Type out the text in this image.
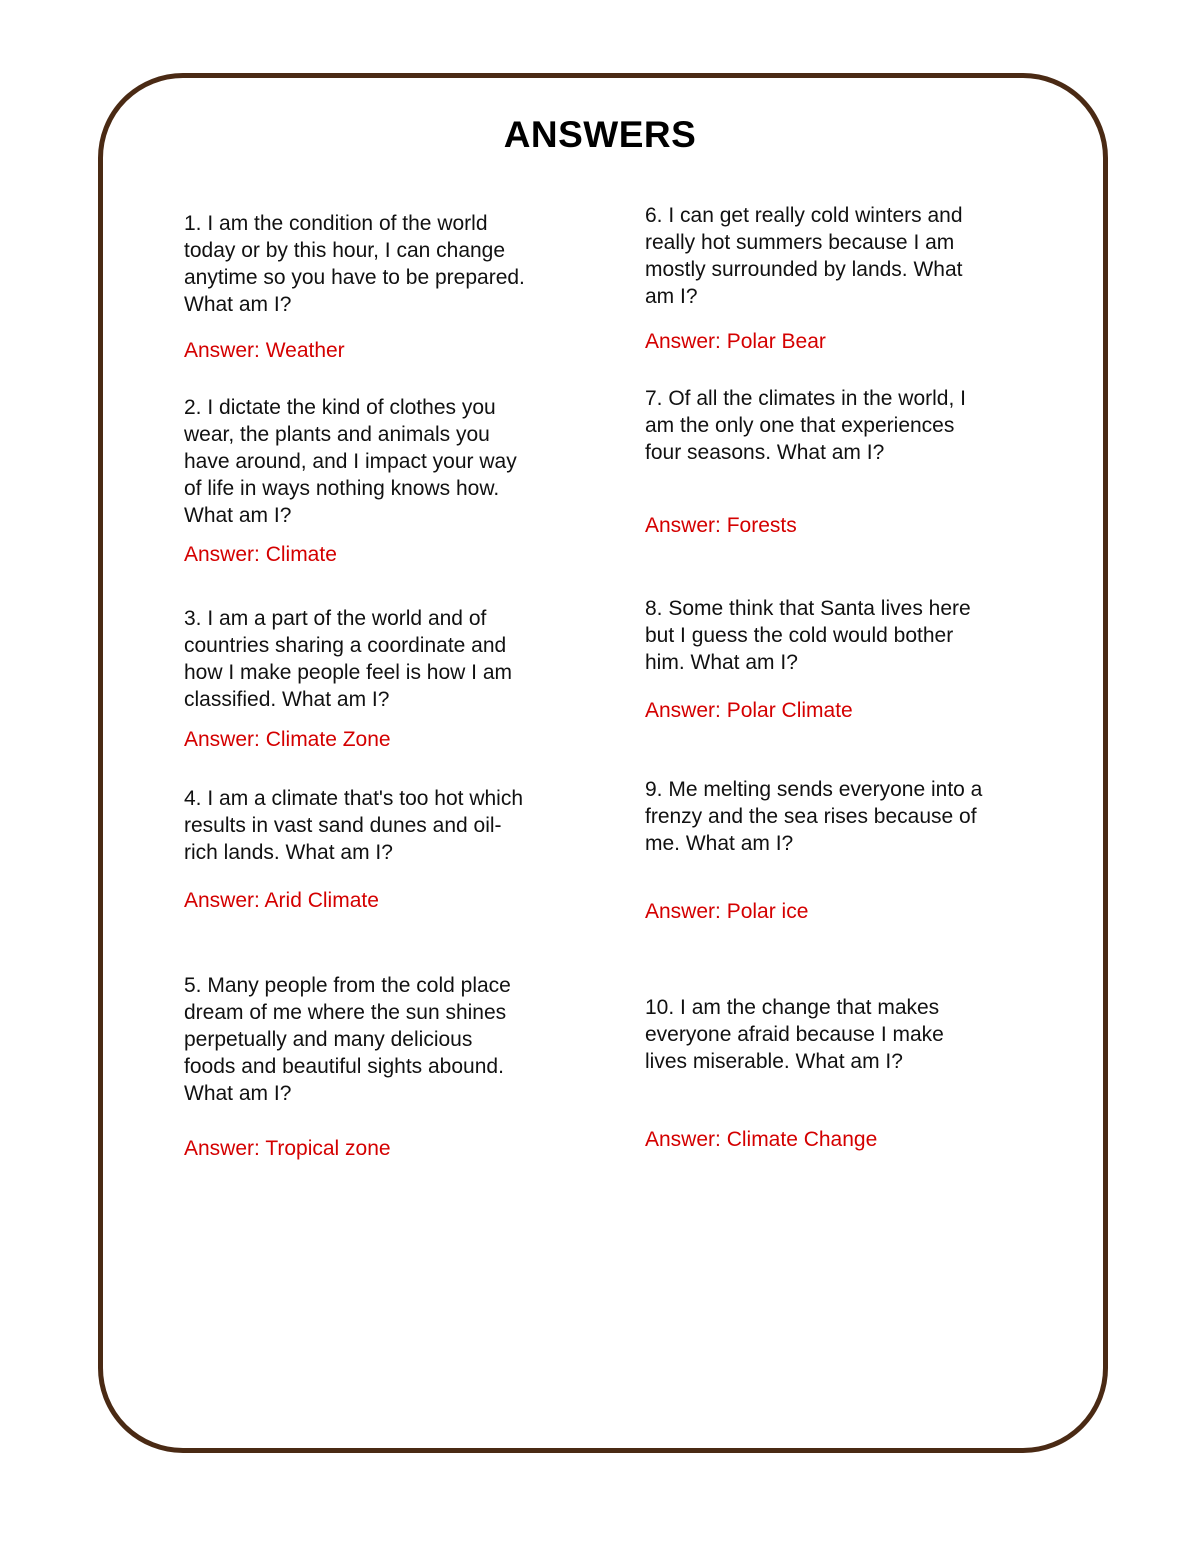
ANSWERS
1. I am the condition of the world
today or by this hour, I can change
anytime so you have to be prepared.
What am I?
Answer: Weather
2. I dictate the kind of clothes you
wear, the plants and animals you
have around, and I impact your way
of life in ways nothing knows how.
What am I?
Answer: Climate
3. I am a part of the world and of
countries sharing a coordinate and
how I make people feel is how I am
classified. What am I?
Answer: Climate Zone
4. I am a climate that's too hot which
results in vast sand dunes and oil-
rich lands. What am I?
Answer: Arid Climate
5. Many people from the cold place
dream of me where the sun shines
perpetually and many delicious
foods and beautiful sights abound.
What am I?
Answer: Tropical zone
6. I can get really cold winters and
really hot summers because I am
mostly surrounded by lands. What
am I?
Answer: Polar Bear
7. Of all the climates in the world, I
am the only one that experiences
four seasons. What am I?
Answer: Forests
8. Some think that Santa lives here
but I guess the cold would bother
him. What am I?
Answer: Polar Climate
9. Me melting sends everyone into a
frenzy and the sea rises because of
me. What am I?
Answer: Polar ice
10. I am the change that makes
everyone afraid because I make
lives miserable. What am I?
Answer: Climate Change
